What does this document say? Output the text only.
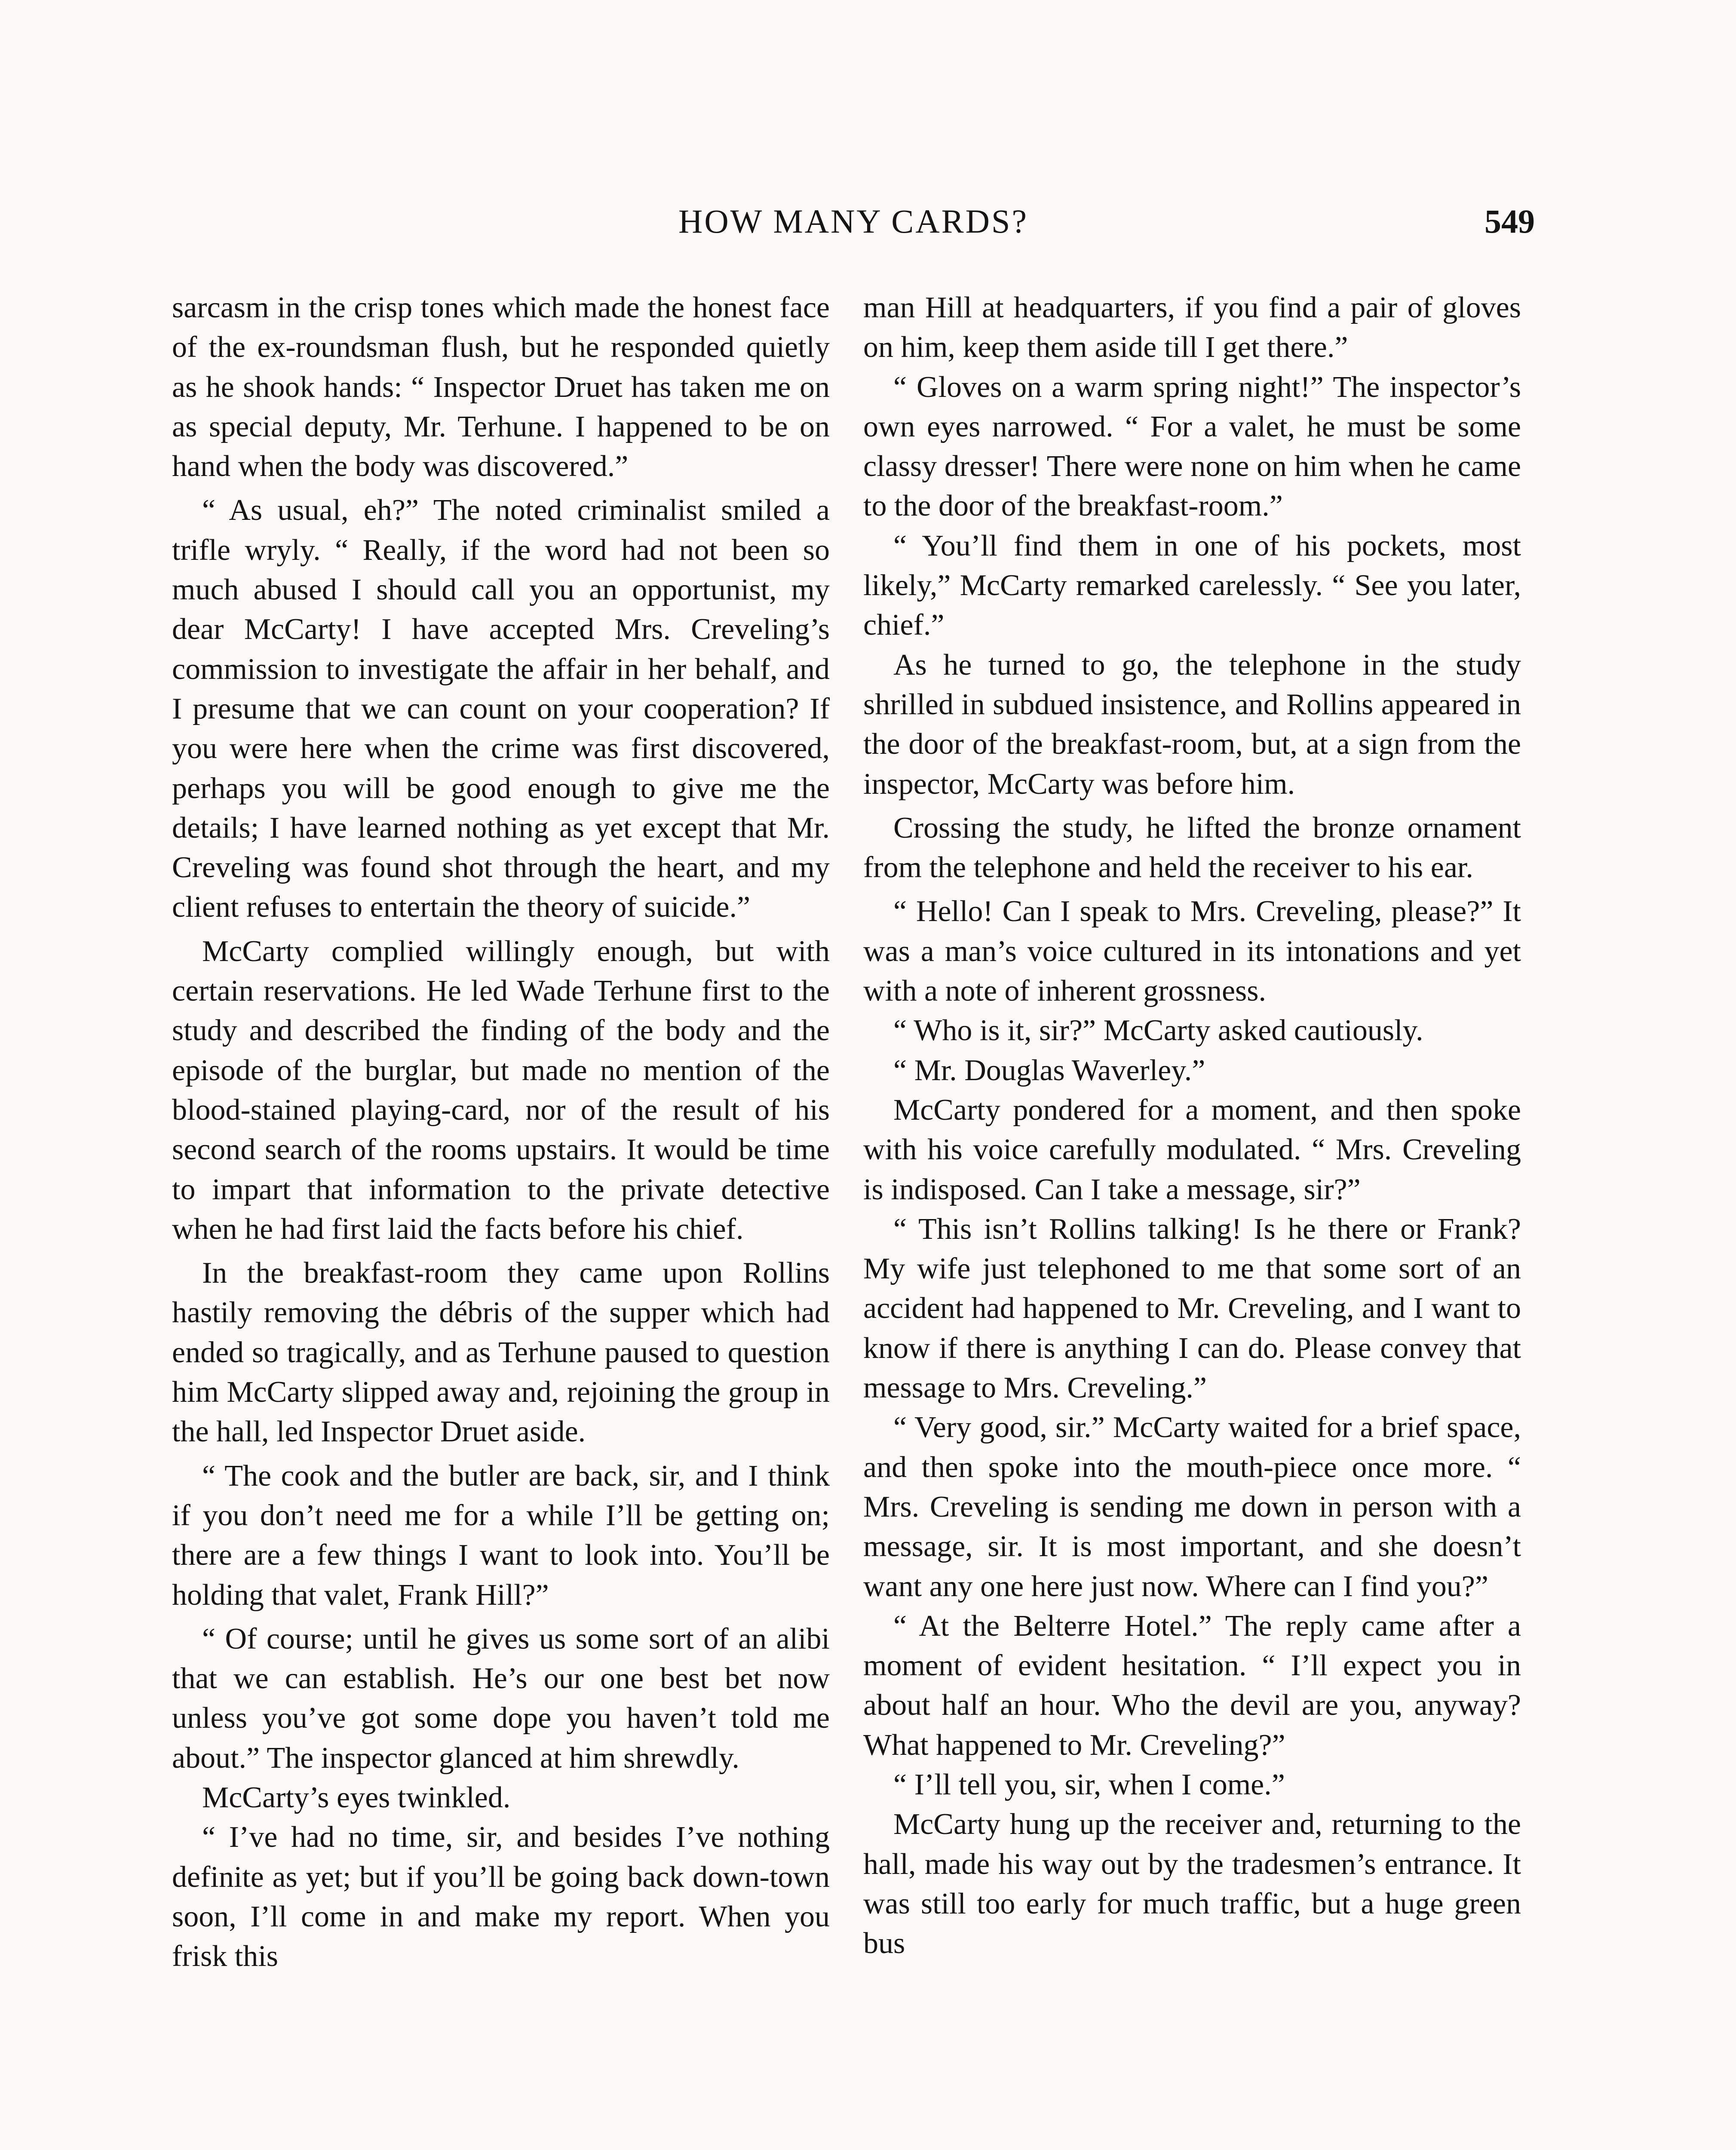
HOW MANY CARDS?	549

sarcasm in the crisp tones which made the honest face of the ex-roundsman flush, but he responded quietly as he shook hands: “ Inspector Druet has taken me on as special deputy, Mr. Terhune. I happened to be on hand when the body was discovered.”

“ As usual, eh?” The noted criminalist smiled a trifle wryly. “ Really, if the word had not been so much abused I should call you an opportunist, my dear McCarty! I have accepted Mrs. Creveling’s commission to investigate the affair in her behalf, and I presume that we can count on your cooperation? If you were here when the crime was first discovered, perhaps you will be good enough to give me the details; I have learned nothing as yet except that Mr. Creveling was found shot through the heart, and my client refuses to entertain the theory of suicide.”

McCarty complied willingly enough, but with certain reservations. He led Wade Terhune first to the study and described the finding of the body and the episode of the burglar, but made no mention of the blood-stained playing-card, nor of the result of his second search of the rooms upstairs. It would be time to impart that information to the private detective when he had first laid the facts before his chief.

In the breakfast-room they came upon Rollins hastily removing the débris of the supper which had ended so tragically, and as Terhune paused to question him McCarty slipped away and, rejoining the group in the hall, led Inspector Druet aside.

“ The cook and the butler are back, sir, and I think if you don’t need me for a while I’ll be getting on; there are a few things I want to look into. You’ll be holding that valet, Frank Hill?”

“ Of course; until he gives us some sort of an alibi that we can establish. He’s our one best bet now unless you’ve got some dope you haven’t told me about.” The inspector glanced at him shrewdly.

McCarty’s eyes twinkled.

“ I’ve had no time, sir, and besides I’ve nothing definite as yet; but if you’ll be going back down-town soon, I’ll come in and make my report. When you frisk this

man Hill at headquarters, if you find a pair of gloves on him, keep them aside till I get there.”

“ Gloves on a warm spring night!” The inspector’s own eyes narrowed. “ For a valet, he must be some classy dresser! There were none on him when he came to the door of the breakfast-room.”

“ You’ll find them in one of his pockets, most likely,” McCarty remarked carelessly. “ See you later, chief.”

As he turned to go, the telephone in the study shrilled in subdued insistence, and Rollins appeared in the door of the breakfast-room, but, at a sign from the inspector, McCarty was before him.

Crossing the study, he lifted the bronze ornament from the telephone and held the receiver to his ear.

“ Hello! Can I speak to Mrs. Creveling, please?” It was a man’s voice cultured in its intonations and yet with a note of inherent grossness.

“ Who is it, sir?” McCarty asked cautiously.

“ Mr. Douglas Waverley.”

McCarty pondered for a moment, and then spoke with his voice carefully modulated. “ Mrs. Creveling is indisposed. Can I take a message, sir?”

“ This isn’t Rollins talking! Is he there or Frank? My wife just telephoned to me that some sort of an accident had happened to Mr. Creveling, and I want to know if there is anything I can do. Please convey that message to Mrs. Creveling.”

“ Very good, sir.” McCarty waited for a brief space, and then spoke into the mouth-piece once more. “ Mrs. Creveling is sending me down in person with a message, sir. It is most important, and she doesn’t want any one here just now. Where can I find you?”

“ At the Belterre Hotel.” The reply came after a moment of evident hesitation. “ I’ll expect you in about half an hour. Who the devil are you, anyway? What happened to Mr. Creveling?”

“ I’ll tell you, sir, when I come.”

McCarty hung up the receiver and, returning to the hall, made his way out by the tradesmen’s entrance. It was still too early for much traffic, but a huge green bus
